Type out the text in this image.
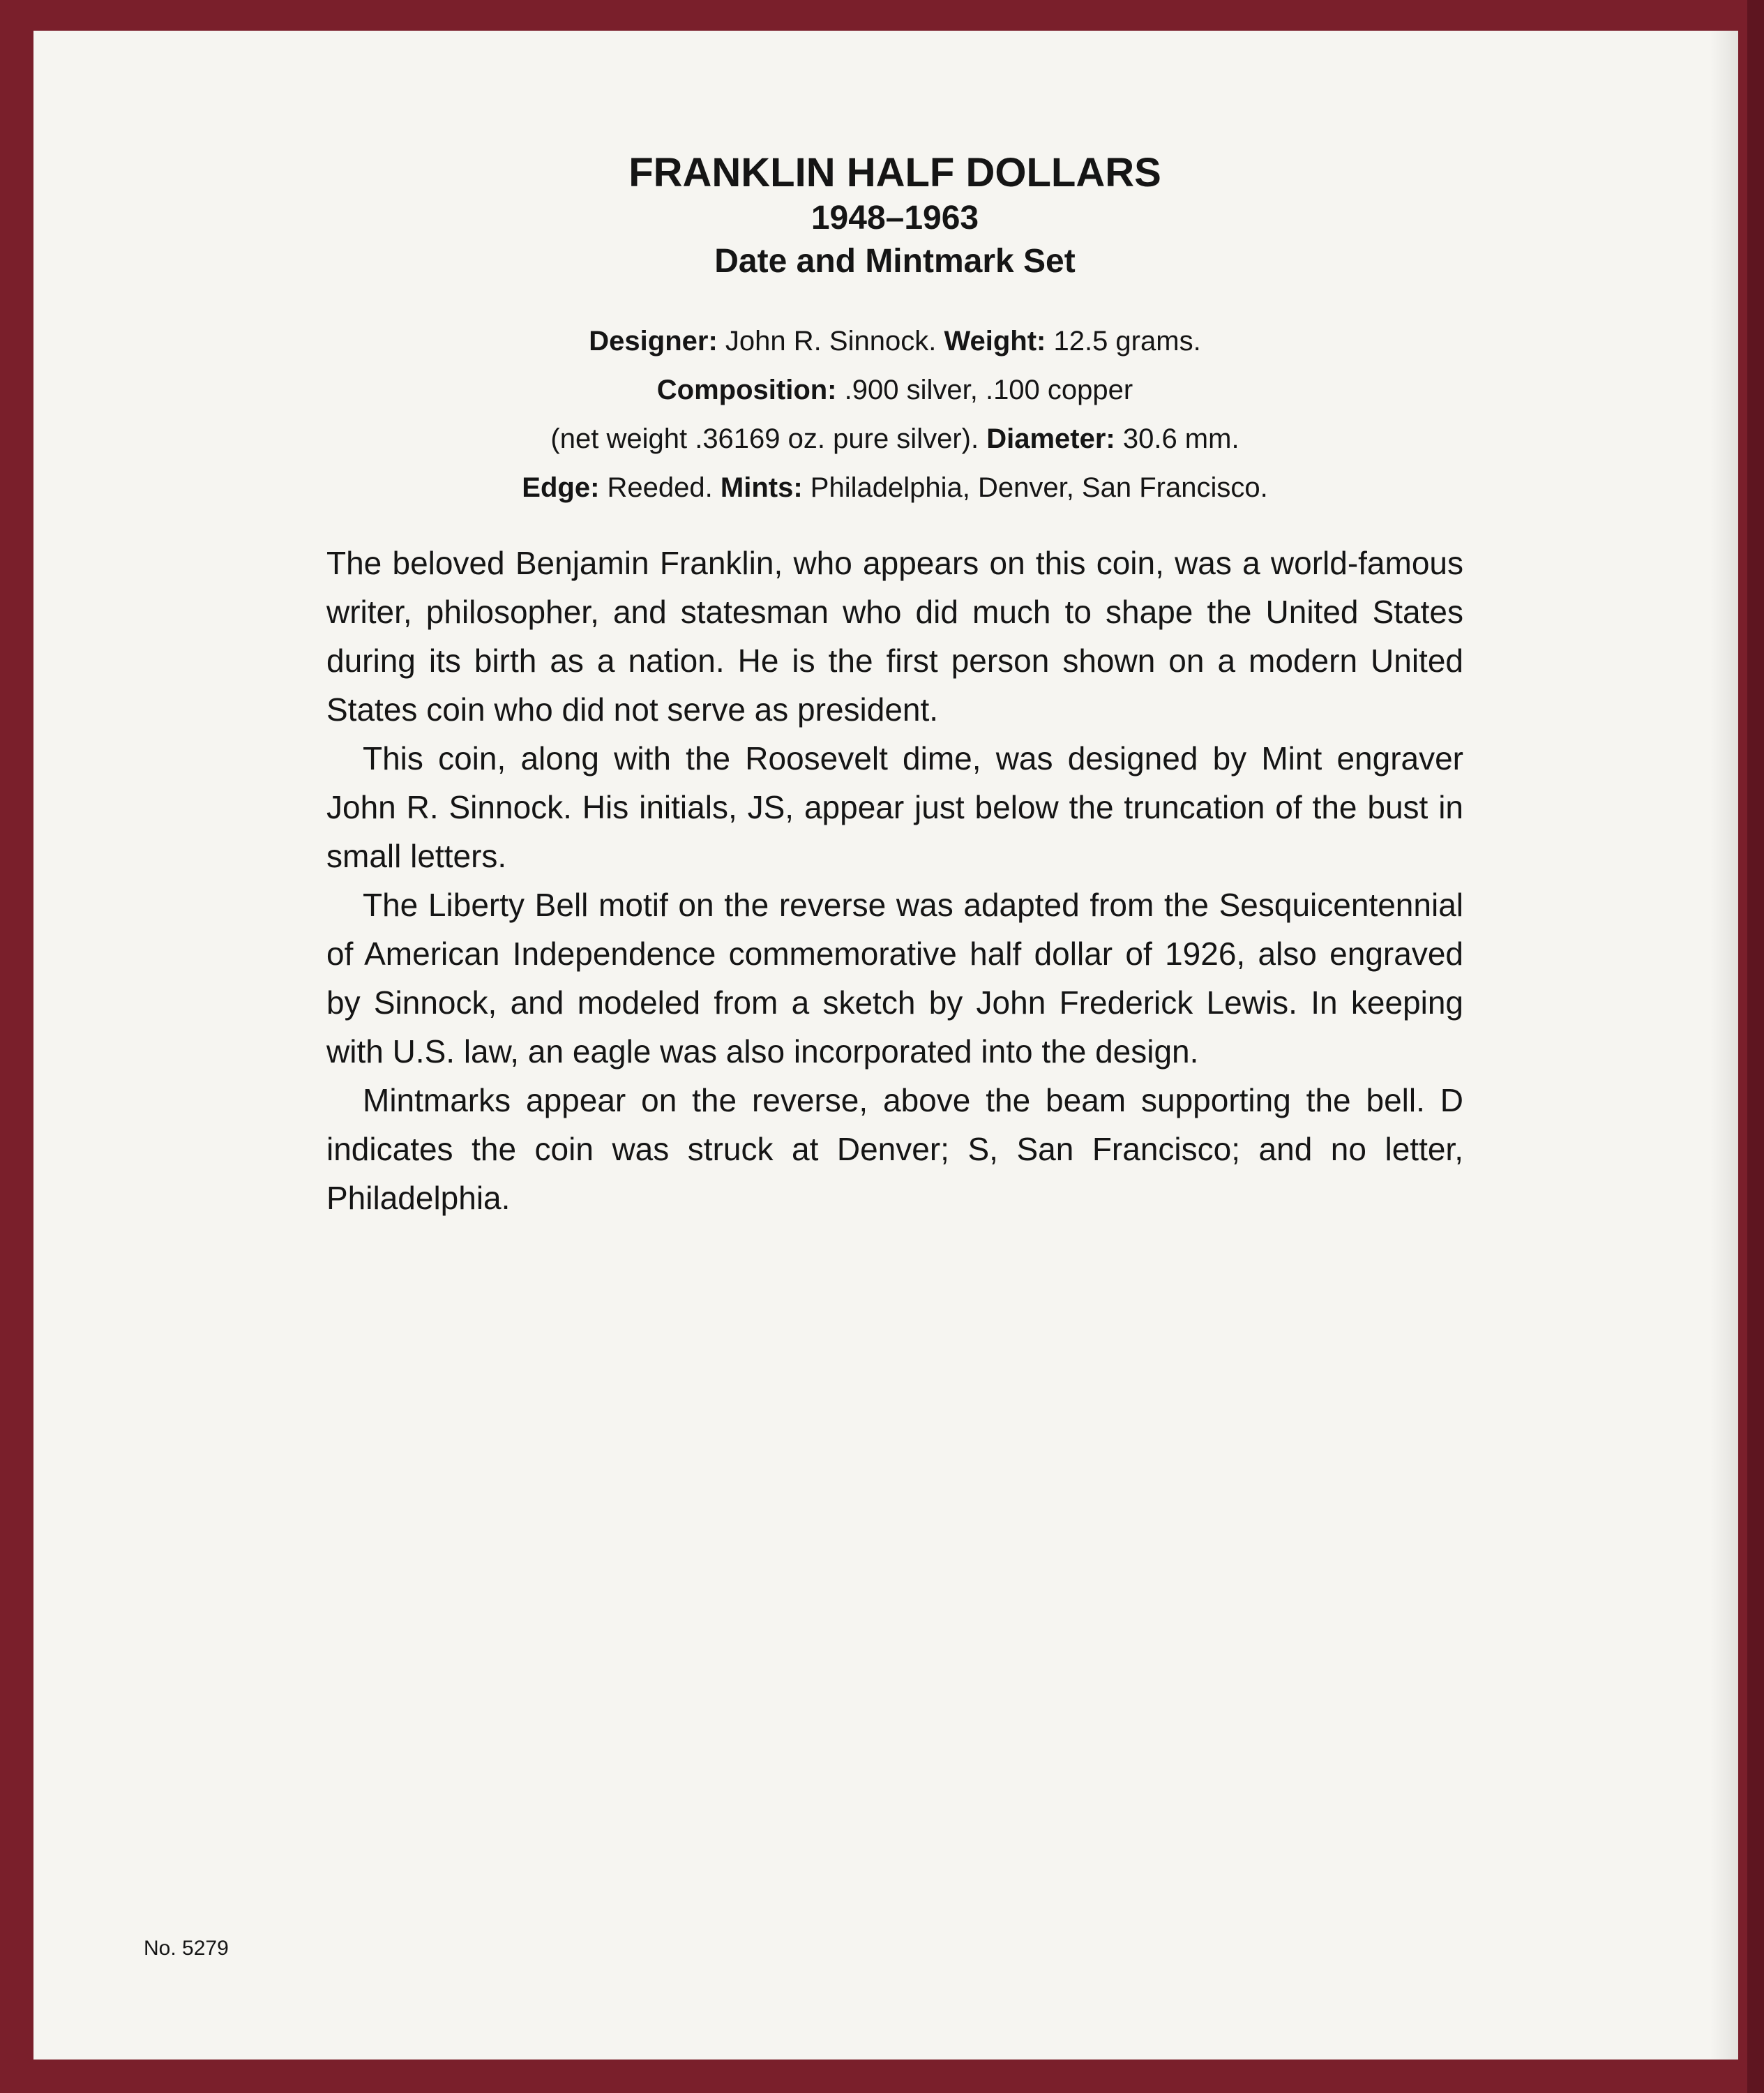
FRANKLIN HALF DOLLARS
1948–1963
Date and Mintmark Set
Designer: John R. Sinnock. Weight: 12.5 grams.
Composition: .900 silver, .100 copper
(net weight .36169 oz. pure silver). Diameter: 30.6 mm.
Edge: Reeded. Mints: Philadelphia, Denver, San Francisco.

The beloved Benjamin Franklin, who appears on this coin, was a world-famous writer, philosopher, and statesman who did much to shape the United States during its birth as a nation. He is the first person shown on a modern United States coin who did not serve as president.

This coin, along with the Roosevelt dime, was designed by Mint engraver John R. Sinnock. His initials, JS, appear just below the truncation of the bust in small letters.

The Liberty Bell motif on the reverse was adapted from the Sesquicentennial of American Independence commemorative half dollar of 1926, also engraved by Sinnock, and modeled from a sketch by John Frederick Lewis. In keeping with U.S. law, an eagle was also incorporated into the design.

Mintmarks appear on the reverse, above the beam supporting the bell. D indicates the coin was struck at Denver; S, San Francisco; and no letter, Philadelphia.

No. 5279
